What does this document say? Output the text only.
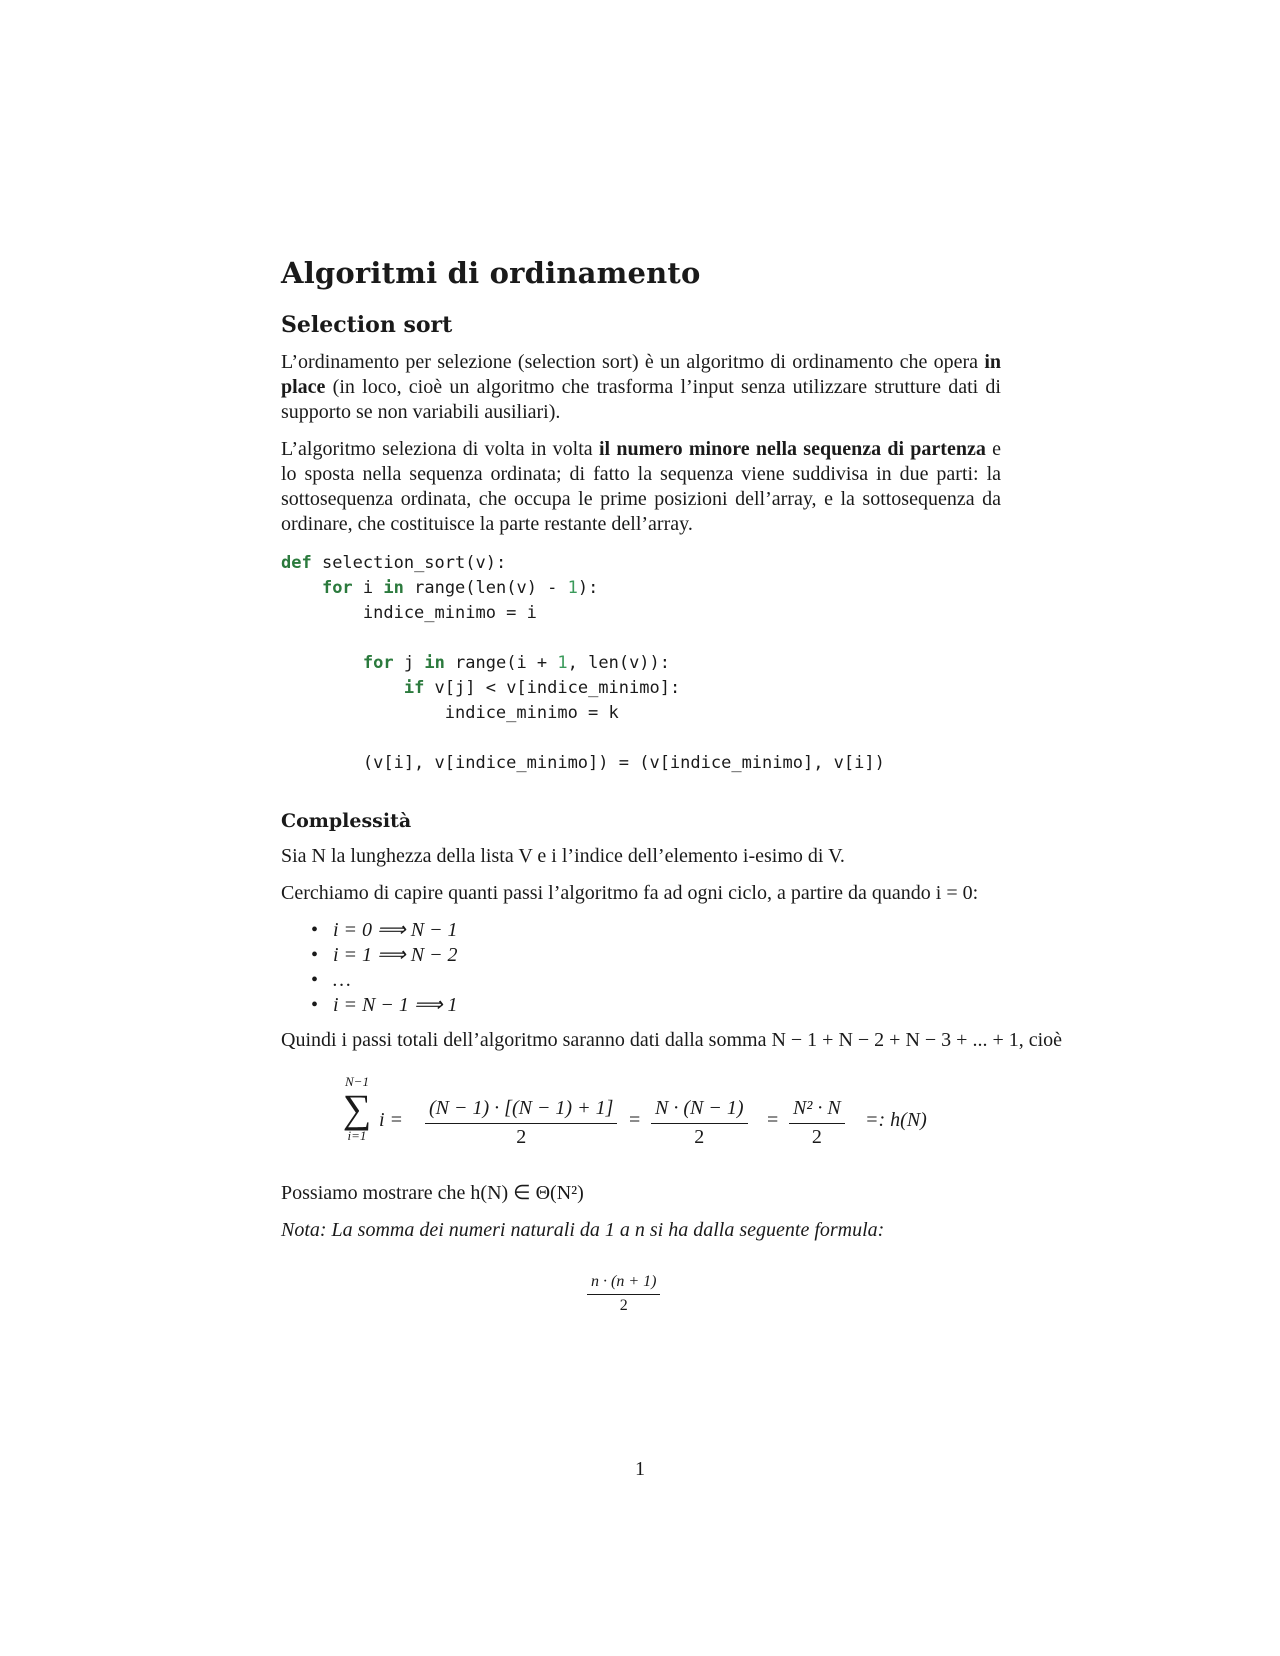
Algoritmi di ordinamento
Selection sort

L’ordinamento per selezione (selection sort) è un algoritmo di ordinamento che opera in place (in loco, cioè un algoritmo che trasforma l’input senza utilizzare strutture dati di supporto se non variabili ausiliari).

L’algoritmo seleziona di volta in volta il numero minore nella sequenza di partenza e lo sposta nella sequenza ordinata; di fatto la sequenza viene suddivisa in due parti: la sottosequenza ordinata, che occupa le prime posizioni dell’array, e la sottosequenza da ordinare, che costituisce la parte restante dell’array.

def selection_sort(v):
for i in range(len(v) - 1):
indice_minimo = i

for j in range(i + 1, len(v)):
if v[j] < v[indice_minimo]:
indice_minimo = k

(v[i], v[indice_minimo]) = (v[indice_minimo], v[i])
Complessità

Sia N la lunghezza della lista V e i l’indice dell’elemento i-esimo di V.

Cerchiamo di capire quanti passi l’algoritmo fa ad ogni ciclo, a partire da quando i = 0:

• i = 0 ⟹ N − 1
• i = 1 ⟹ N − 2
• …
• i = N − 1 ⟹ 1

Quindi i passi totali dell’algoritmo saranno dati dalla somma N − 1 + N − 2 + N − 3 + ... + 1, cioè

N−1
∑
i=1
$i = \frac{(N - 1) \cdot [(N - 1) + 1]}{2} = \frac{N \cdot (N - 1)}{2} = \frac{\text{N² · N}}{2}$ =: h(N)

Possiamo mostrare che h(N) ∈ Θ(N²)

Nota: La somma dei numeri naturali da 1 a n si ha dalla seguente formula:

$\frac{n \cdot (n + 1)}{2}$
1
